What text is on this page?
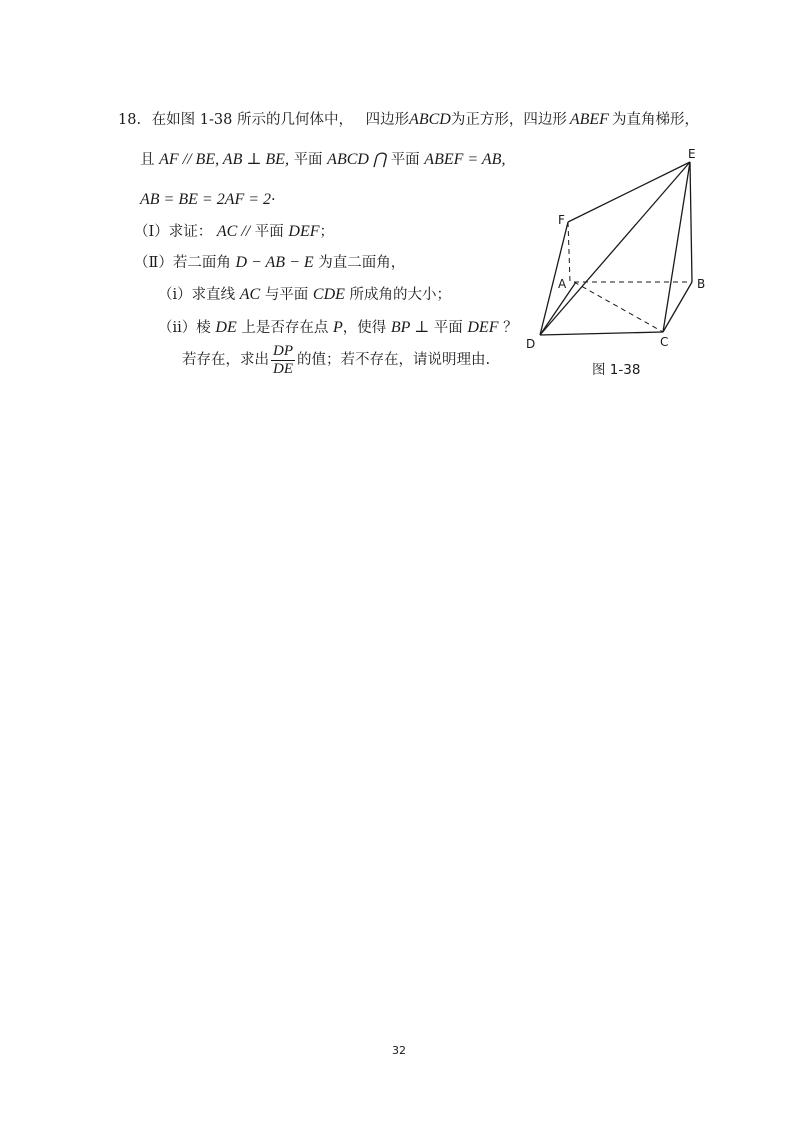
18. 在如图 1-38 所示的几何体中， 四边形ABCD为正方形，四边形 ABEF 为直角梯形，
且 AF // BE, AB ⊥ BE, 平面 ABCD ⋂ 平面 ABEF = AB,
AB = BE = 2AF = 2·
（Ⅰ）求证： AC // 平面 DEF；
（Ⅱ）若二面角 D − AB − E 为直二面角，
（i）求直线 AC 与平面 CDE 所成角的大小；
（ii）棱 DE 上是否存在点 P，使得 BP ⊥ 平面 DEF ？
若存在，求出 $\frac{DP}{DE}$ 的值；若不存在，请说明理由.
E
F
A	B
D	C
图 1-38
32
